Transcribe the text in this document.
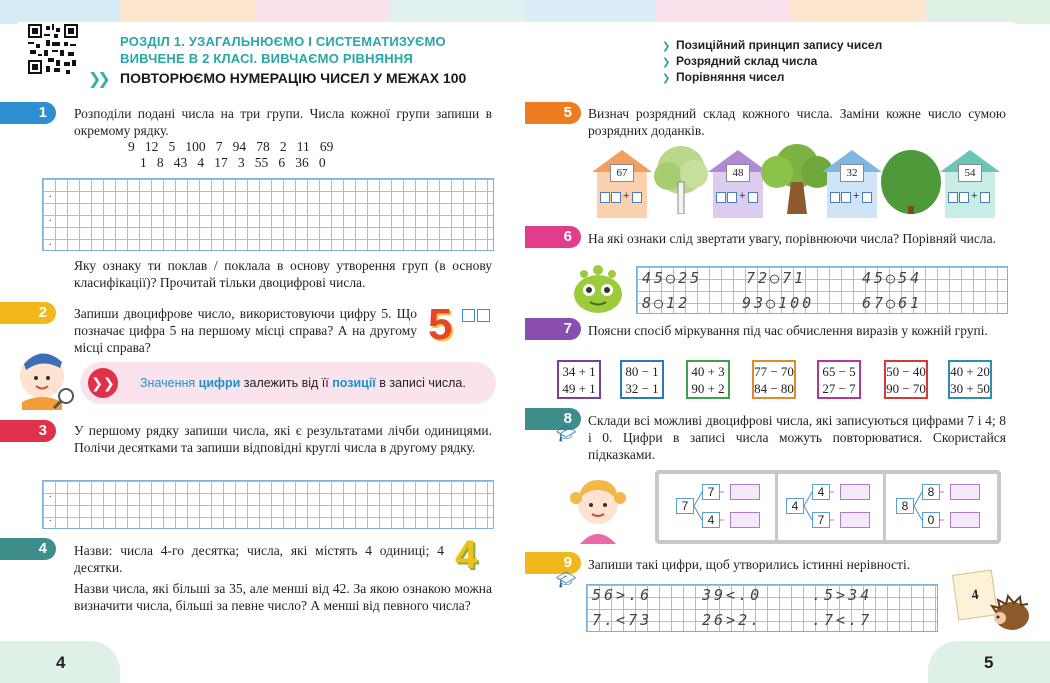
РОЗДІЛ 1. УЗАГАЛЬНЮЄМО І СИСТЕМАТИЗУЄМО
ВИВЧЕНЕ В 2 КЛАСІ. ВИВЧАЄМО РІВНЯННЯ
❯❯ ПОВТОРЮЄМО НУМЕРАЦІЮ ЧИСЕЛ У МЕЖАХ 100
❯ Позиційний принцип запису чисел
❯ Розрядний склад числа
❯ Порівняння чисел
1	Розподіли подані числа на три групи. Числа кожної групи запиши в окремому рядку.
9   12   5   100   7   94   78   2   11   69
1   8   43   4   17   3   55   6   36   0
.
.
.
Яку ознаку ти поклав / поклала в основу утворення груп (в основу класифікації)? Прочитай тільки двоцифрові числа.
2	Запиши двоцифрове число, використовуючи цифру 5. Що позначає цифра 5 на першому місці справа? А на другому місці справа?	5
❯❯ Значення цифри залежить від її позиції в записі числа.
3	У першому рядку запиши числа, які є результатами лічби одиницями. Полічи десятками та запиши відповідні круглі числа в другому рядку.
.
.
4	Назви: числа 4-го десятка; числа, які містять 4 одиниці; 4 десятки.	4
Назви числа, які більші за 35, але менші від 42. За якою ознакою можна визначити числа, більші за певне число? А менші від певного числа?
4
5	Визнач розрядний склад кожного числа. Заміни кожне число сумою розрядних доданків.
67
+
48
+
32
+
54
+
6	На які ознаки слід звертати увагу, порівнюючи числа? Порівняй числа.
45○25	72○71	45○54
8○12	93○100	67○61
7	Поясни спосіб міркування під час обчислення виразів у кожній групі.
34 + 1
49 + 1
80 − 1
32 − 1
40 + 3
90 + 2
77 − 70
84 − 80
65 − 5
27 − 7
50 − 40
90 − 70
40 + 20
30 + 50
8
🎓︎
Склади всі можливі двоцифрові числа, які записуються цифрами 7 і 4; 8 і 0. Цифри в записі числа можуть повторюватися. Скористайся підказками.
7
7
4
4
4
7
8
8
0
9
🎓︎
Запиши такі цифри, щоб утворились істинні нерівності.
56>.6	39<.0	.5>34
7.<73	26>2.	.7<.7
4
5
